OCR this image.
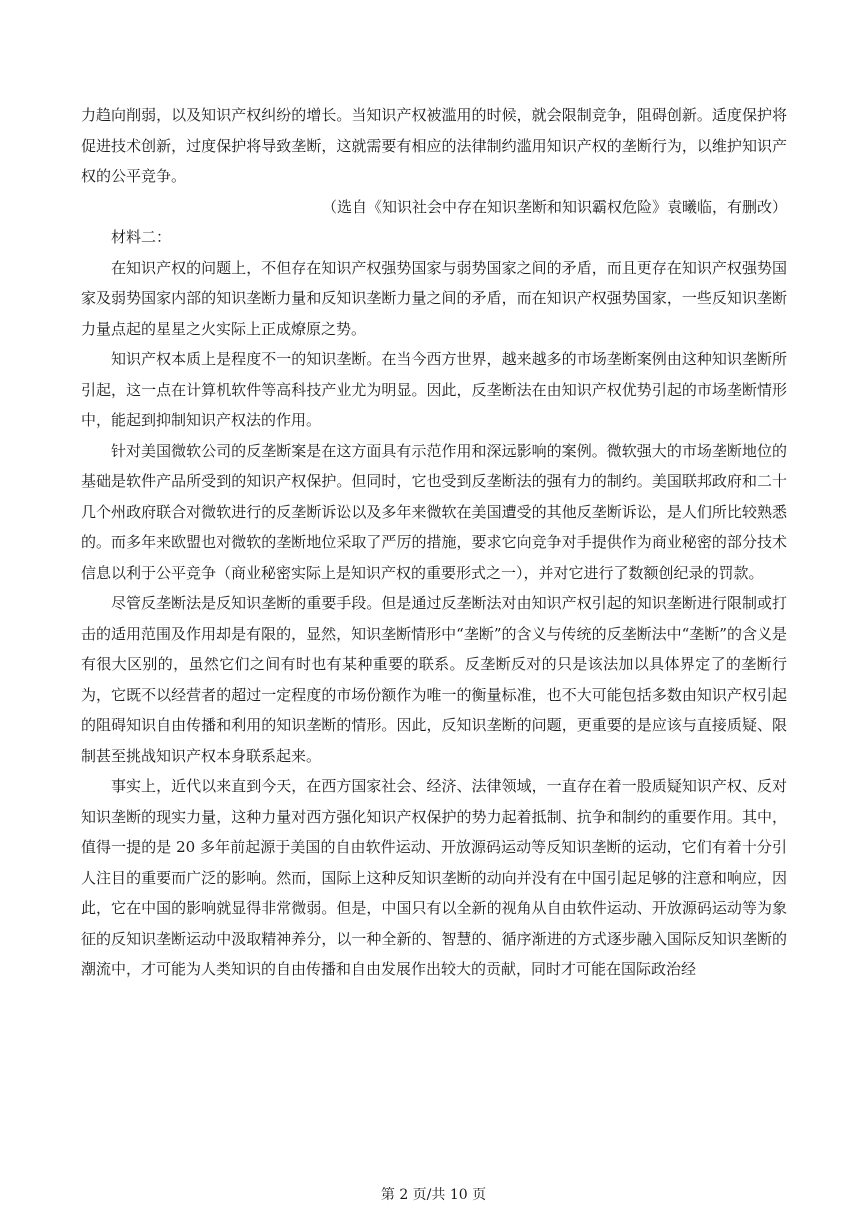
力趋向削弱，以及知识产权纠纷的增长。当知识产权被滥用的时候，就会限制竞争，阻碍创新。适度保护将促进技术创新，过度保护将导致垄断，这就需要有相应的法律制约滥用知识产权的垄断行为，以维护知识产权的公平竞争。

（选自《知识社会中存在知识垄断和知识霸权危险》袁曦临，有删改）

材料二：

在知识产权的问题上，不但存在知识产权强势国家与弱势国家之间的矛盾，而且更存在知识产权强势国家及弱势国家内部的知识垄断力量和反知识垄断力量之间的矛盾，而在知识产权强势国家，一些反知识垄断力量点起的星星之火实际上正成燎原之势。

知识产权本质上是程度不一的知识垄断。在当今西方世界，越来越多的市场垄断案例由这种知识垄断所引起，这一点在计算机软件等高科技产业尤为明显。因此，反垄断法在由知识产权优势引起的市场垄断情形中，能起到抑制知识产权法的作用。

针对美国微软公司的反垄断案是在这方面具有示范作用和深远影响的案例。微软强大的市场垄断地位的基础是软件产品所受到的知识产权保护。但同时，它也受到反垄断法的强有力的制约。美国联邦政府和二十几个州政府联合对微软进行的反垄断诉讼以及多年来微软在美国遭受的其他反垄断诉讼，是人们所比较熟悉的。而多年来欧盟也对微软的垄断地位采取了严厉的措施，要求它向竞争对手提供作为商业秘密的部分技术信息以利于公平竞争（商业秘密实际上是知识产权的重要形式之一），并对它进行了数额创纪录的罚款。

尽管反垄断法是反知识垄断的重要手段。但是通过反垄断法对由知识产权引起的知识垄断进行限制或打击的适用范围及作用却是有限的，显然，知识垄断情形中“垄断”的含义与传统的反垄断法中“垄断”的含义是有很大区别的，虽然它们之间有时也有某种重要的联系。反垄断反对的只是该法加以具体界定了的垄断行为，它既不以经营者的超过一定程度的市场份额作为唯一的衡量标准，也不大可能包括多数由知识产权引起的阻碍知识自由传播和利用的知识垄断的情形。因此，反知识垄断的问题，更重要的是应该与直接质疑、限制甚至挑战知识产权本身联系起来。

事实上，近代以来直到今天，在西方国家社会、经济、法律领域，一直存在着一股质疑知识产权、反对知识垄断的现实力量，这种力量对西方强化知识产权保护的势力起着抵制、抗争和制约的重要作用。其中，值得一提的是 20 多年前起源于美国的自由软件运动、开放源码运动等反知识垄断的运动，它们有着十分引人注目的重要而广泛的影响。然而，国际上这种反知识垄断的动向并没有在中国引起足够的注意和响应，因此，它在中国的影响就显得非常微弱。但是，中国只有以全新的视角从自由软件运动、开放源码运动等为象征的反知识垄断运动中汲取精神养分，以一种全新的、智慧的、循序渐进的方式逐步融入国际反知识垄断的潮流中，才可能为人类知识的自由传播和自由发展作出较大的贡献，同时才可能在国际政治经

第 2 页/共 10 页
